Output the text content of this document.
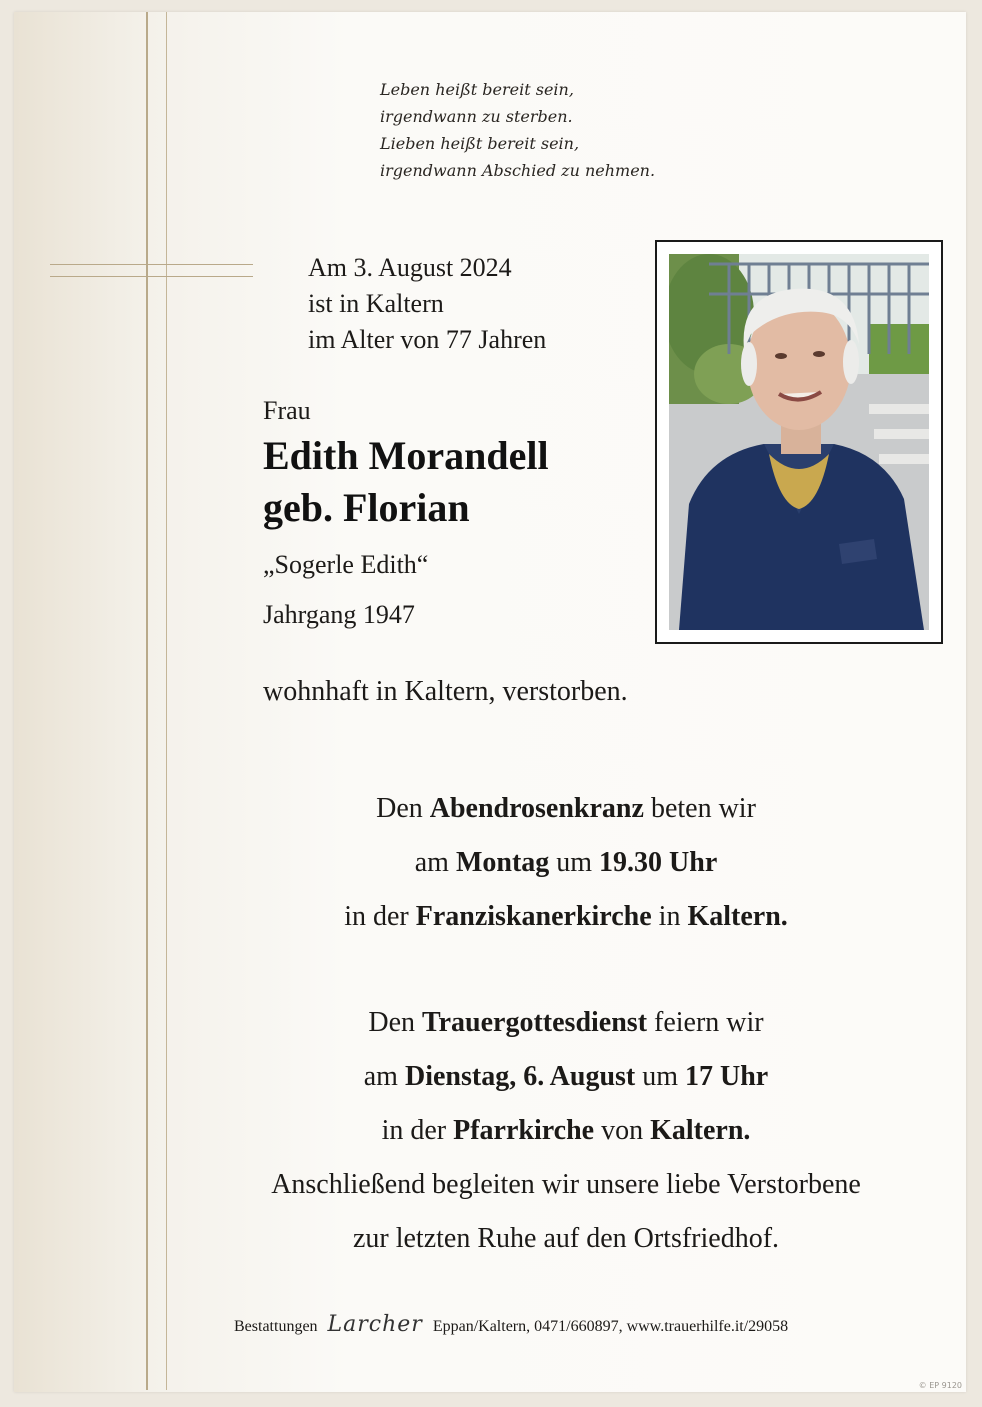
Leben heißt bereit sein,
irgendwann zu sterben.
Lieben heißt bereit sein,
irgendwann Abschied zu nehmen.
Am 3. August 2024
ist in Kaltern
im Alter von 77 Jahren
Frau
Edith Morandell
geb. Florian
„Sogerle Edith“
Jahrgang 1947
wohnhaft in Kaltern, verstorben.
Den Abendrosenkranz beten wir
am Montag um 19.30 Uhr
in der Franziskanerkirche in Kaltern.
Den Trauergottesdienst feiern wir
am Dienstag, 6. August um 17 Uhr
in der Pfarrkirche von Kaltern.
Anschließend begleiten wir unsere liebe Verstorbene
zur letzten Ruhe auf den Ortsfriedhof.
Bestattungen Larcher Eppan/Kaltern, 0471/660897, www.trauerhilfe.it/29058
© EP 9120
